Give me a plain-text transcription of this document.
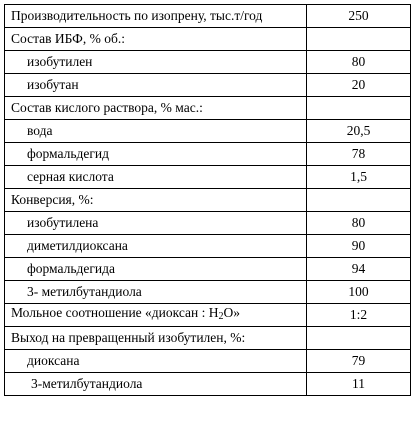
Производительность по изопрену, тыс.т/год	250
Состав ИБФ, % об.:	
изобутилен	80
изобутан	20
Состав кислого раствора, % мас.:	
вода	20,5
формальдегид	78
серная кислота	1,5
Конверсия, %:	
изобутилена	80
диметилдиоксана	90
формальдегида	94
3- метилбутандиола	100
Мольное соотношение «диоксан : $H_2O$»	1:2
Выход на превращенный изобутилен, %:	
диоксана	79
3-метилбутандиола	11
